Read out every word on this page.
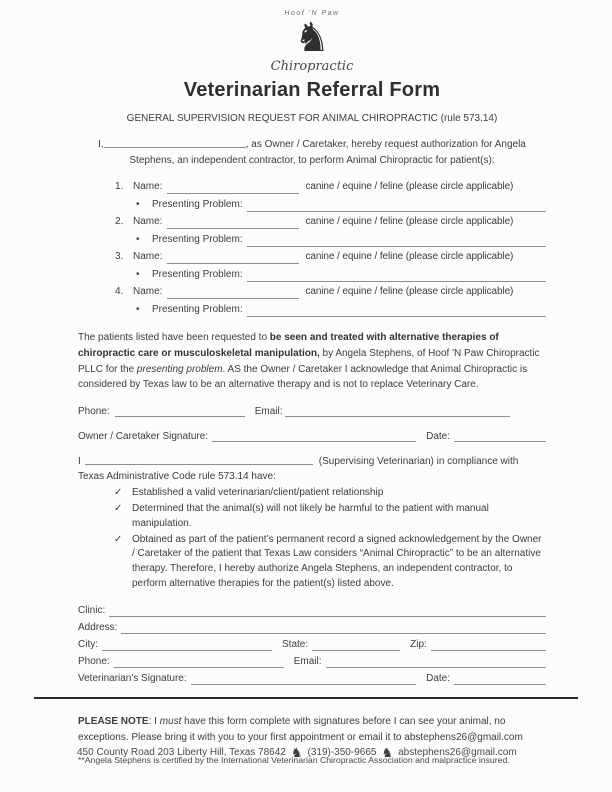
Hoof 'N Paw
♞
Chiropractic
Veterinarian Referral Form
GENERAL SUPERVISION REQUEST FOR ANIMAL CHIROPRACTIC (rule 573.14)
I,	, as Owner / Caretaker, hereby request authorization for Angela
Stephens, an independent contractor, to perform Animal Chiropractic for patient(s):
1. Name:	canine / equine / feline (please circle applicable)
•	Presenting Problem:
2. Name:	canine / equine / feline (please circle applicable)
•	Presenting Problem:
3. Name:	canine / equine / feline (please circle applicable)
•	Presenting Problem:
4. Name:	canine / equine / feline (please circle applicable)
•	Presenting Problem:
The patients listed have been requested to be seen and treated with alternative therapies of chiropractic care or musculoskeletal manipulation, by Angela Stephens, of Hoof 'N Paw Chiropractic PLLC for the presenting problem. AS the Owner / Caretaker I acknowledge that Animal Chiropractic is considered by Texas law to be an alternative therapy and is not to replace Veterinary Care.
Phone:	Email:
Owner / Caretaker Signature:	Date:
I	(Supervising Veterinarian) in compliance with
Texas Administrative Code rule 573.14 have:
✓ Established a valid veterinarian/client/patient relationship
✓ Determined that the animal(s) will not likely be harmful to the patient with manual manipulation.
✓ Obtained as part of the patient’s permanent record a signed acknowledgement by the Owner / Caretaker of the patient that Texas Law considers “Animal Chiropractic” to be an alternative therapy. Therefore, I hereby authorize Angela Stephens, an independent contractor, to perform alternative therapies for the patient(s) listed above.
Clinic:
Address:
City:	State:	Zip:
Phone:	Email:
Veterinarian's Signature:	Date:
PLEASE NOTE: I must have this form complete with signatures before I can see your animal, no exceptions. Please bring it with you to your first appointment or email it to abstephens26@gmail.com
**Angela Stephens is certified by the International Veterinarian Chiropractic Association and malpractice insured.
450 County Road 203 Liberty Hill, Texas 78642 ♞ (319)-350-9665 ♞ abstephens26@gmail.com
